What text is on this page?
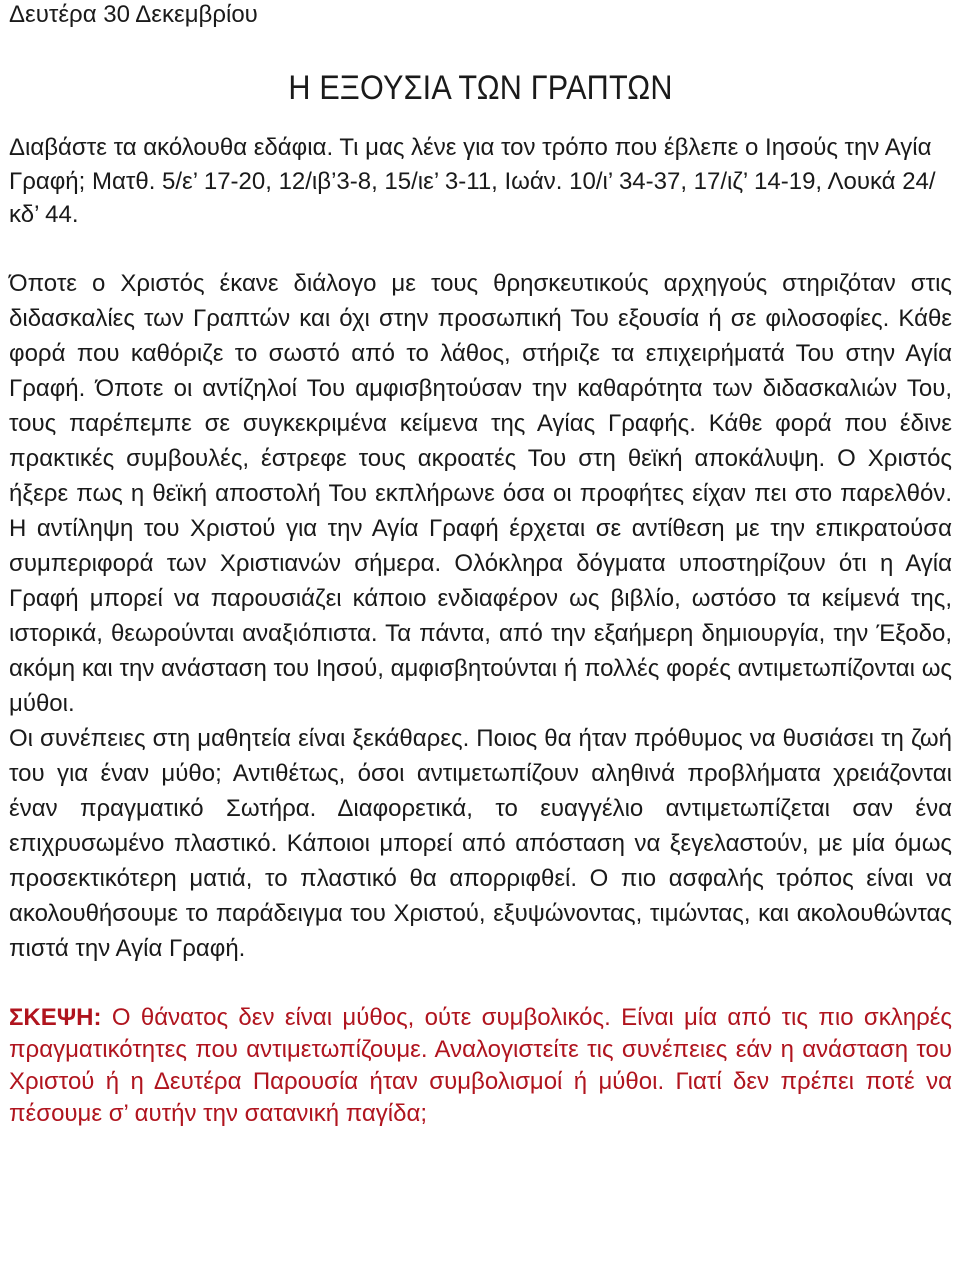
Δευτέρα 30 Δεκεμβρίου

Η ΕΞΟΥΣΙΑ ΤΩΝ ΓΡΑΠΤΩΝ

Διαβάστε τα ακόλουθα εδάφια. Τι μας λένε για τον τρόπο που έβλεπε ο Ιησούς την Αγία Γραφή; Ματθ. 5/ε’ 17-20, 12/ιβ’3-8, 15/ιε’ 3-11, Ιωάν. 10/ι’ 34-37, 17/ιζ’ 14-19, Λουκά 24/κδ’ 44.

Όποτε ο Χριστός έκανε διάλογο με τους θρησκευτικούς αρχηγούς στηριζόταν στις διδασκαλίες των Γραπτών και όχι στην προσωπική Του εξουσία ή σε φιλοσοφίες. Κάθε φορά που καθόριζε το σωστό από το λάθος, στήριζε τα επιχειρήματά Του στην Αγία Γραφή. Όποτε οι αντίζηλοί Του αμφισβητούσαν την καθαρότητα των διδασκαλιών Του, τους παρέπεμπε σε συγκεκριμένα κείμενα της Αγίας Γραφής. Κάθε φορά που έδινε πρακτικές συμβουλές, έστρεφε τους ακροατές Του στη θεϊκή αποκάλυψη. Ο Χριστός ήξερε πως η θεϊκή αποστολή Του εκπλήρωνε όσα οι προφήτες είχαν πει στο παρελθόν. Η αντίληψη του Χριστού για την Αγία Γραφή έρχεται σε αντίθεση με την επικρατούσα συμπεριφορά των Χριστιανών σήμερα. Ολόκληρα δόγματα υποστηρίζουν ότι η Αγία Γραφή μπορεί να παρουσιάζει κάποιο ενδιαφέρον ως βιβλίο, ωστόσο τα κείμενά της, ιστορικά, θεωρούνται αναξιόπιστα. Τα πάντα, από την εξαήμερη δημιουργία, την Έξοδο, ακόμη και την ανάσταση του Ιησού, αμφισβητούνται ή πολλές φορές αντιμετωπίζονται ως μύθοι.

Οι συνέπειες στη μαθητεία είναι ξεκάθαρες. Ποιος θα ήταν πρόθυμος να θυσιάσει τη ζωή του για έναν μύθο; Αντιθέτως, όσοι αντιμετωπίζουν αληθινά προβλήματα χρειάζονται έναν πραγματικό Σωτήρα. Διαφορετικά, το ευαγγέλιο αντιμετωπίζεται σαν ένα επιχρυσωμένο πλαστικό. Κάποιοι μπορεί από απόσταση να ξεγελαστούν, με μία όμως προσεκτικότερη ματιά, το πλαστικό θα απορριφθεί. Ο πιο ασφαλής τρόπος είναι να ακολουθήσουμε το παράδειγμα του Χριστού, εξυψώνοντας, τιμώντας, και ακολουθώντας πιστά την Αγία Γραφή.

ΣΚΕΨΗ: Ο θάνατος δεν είναι μύθος, ούτε συμβολικός. Είναι μία από τις πιο σκληρές πραγματικότητες που αντιμετωπίζουμε. Αναλογιστείτε τις συνέπειες εάν η ανάσταση του Χριστού ή η Δευτέρα Παρουσία ήταν συμβολισμοί ή μύθοι. Γιατί δεν πρέπει ποτέ να πέσουμε σ’ αυτήν την σατανική παγίδα;
